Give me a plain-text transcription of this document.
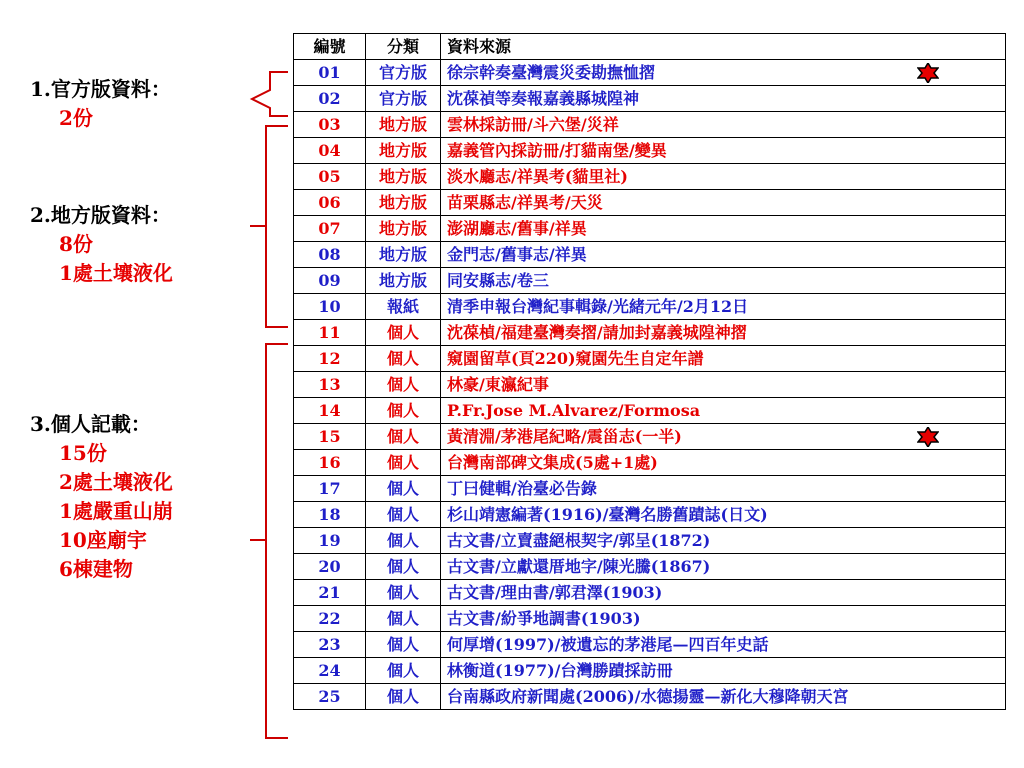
1.官方版資料：
2份
2.地方版資料：
8份
1處土壤液化
3.個人記載：
15份
2處土壤液化
1處嚴重山崩
10座廟宇
6棟建物
編號	分類	資料來源
01	官方版	徐宗幹奏臺灣震災委勘撫恤摺

02	官方版	沈葆禎等奏報嘉義縣城隍神
03	地方版	雲林採訪冊/斗六堡/災祥
04	地方版	嘉義管內採訪冊/打貓南堡/變異
05	地方版	淡水廳志/祥異考(貓里社)
06	地方版	苗栗縣志/祥異考/天災
07	地方版	澎湖廳志/舊事/祥異
08	地方版	金門志/舊事志/祥異
09	地方版	同安縣志/卷三
10	報紙	清季申報台灣紀事輯錄/光緒元年/2月12日
11	個人	沈葆楨/福建臺灣奏摺/請加封嘉義城隍神摺
12	個人	窺園留草(頁220)窺園先生自定年譜
13	個人	林豪/東瀛紀事
14	個人	P.Fr.Jose M.Alvarez/Formosa
15	個人	黃清淵/茅港尾紀略/震甾志(一半)

16	個人	台灣南部碑文集成(5處+1處)
17	個人	丁曰健輯/治臺必告錄
18	個人	杉山靖憲編著(1916)/臺灣名勝舊蹟誌(日文)
19	個人	古文書/立賣盡絕根契字/郭呈(1872)
20	個人	古文書/立獻還厝地字/陳光騰(1867)
21	個人	古文書/理由書/郭君澤(1903)
22	個人	古文書/紛爭地調書(1903)
23	個人	何厚增(1997)/被遺忘的茅港尾—四百年史話
24	個人	林衡道(1977)/台灣勝蹟採訪冊
25	個人	台南縣政府新聞處(2006)/水德揚靈—新化大穆降朝天宮
